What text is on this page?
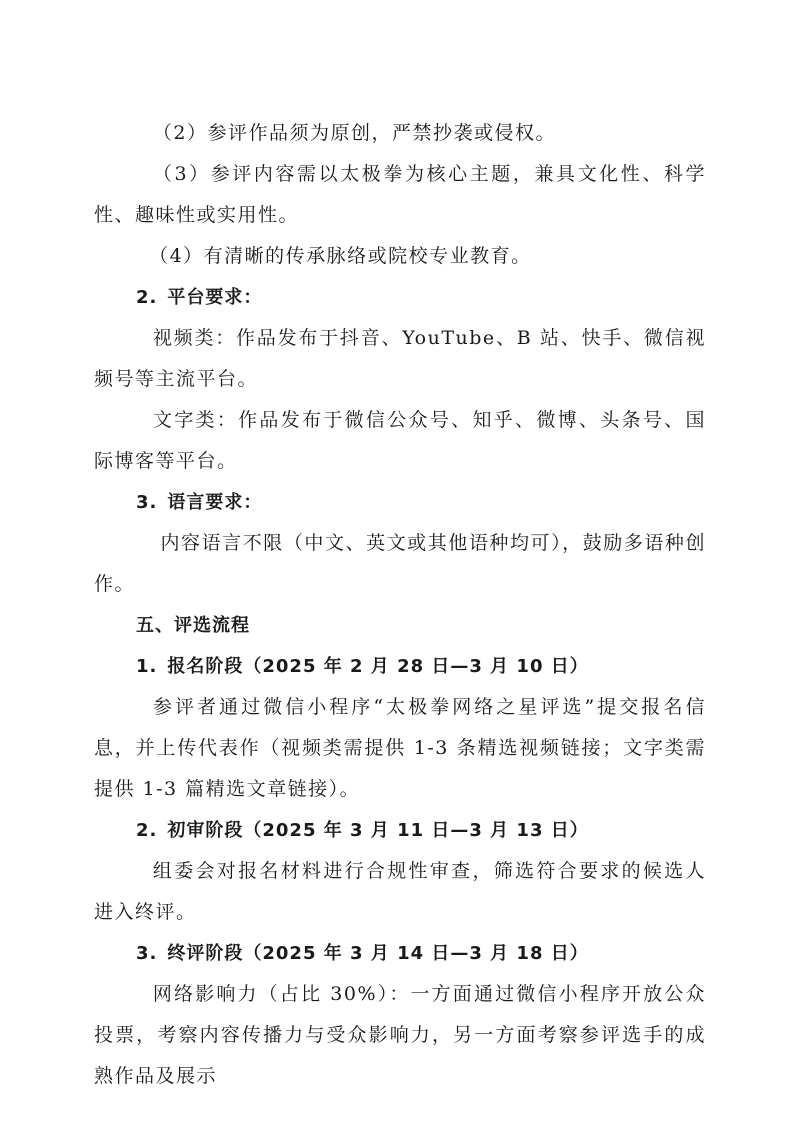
（2）参评作品须为原创，严禁抄袭或侵权。

（3）参评内容需以太极拳为核心主题，兼具文化性、科学性、趣味性或实用性。

（4）有清晰的传承脉络或院校专业教育。

2. 平台要求：

视频类：作品发布于抖音、YouTube、B 站、快手、微信视频号等主流平台。

文字类：作品发布于微信公众号、知乎、微博、头条号、国际博客等平台。

3. 语言要求：

内容语言不限（中文、英文或其他语种均可），鼓励多语种创作。

五、评选流程

1. 报名阶段（2025 年 2 月 28 日—3 月 10 日）

参评者通过微信小程序“太极拳网络之星评选”提交报名信息，并上传代表作（视频类需提供 1-3 条精选视频链接；文字类需提供 1-3 篇精选文章链接）。

2. 初审阶段（2025 年 3 月 11 日—3 月 13 日）

组委会对报名材料进行合规性审查，筛选符合要求的候选人进入终评。

3. 终评阶段（2025 年 3 月 14 日—3 月 18 日）

网络影响力（占比 30%）：一方面通过微信小程序开放公众投票，考察内容传播力与受众影响力，另一方面考察参评选手的成熟作品及展示
